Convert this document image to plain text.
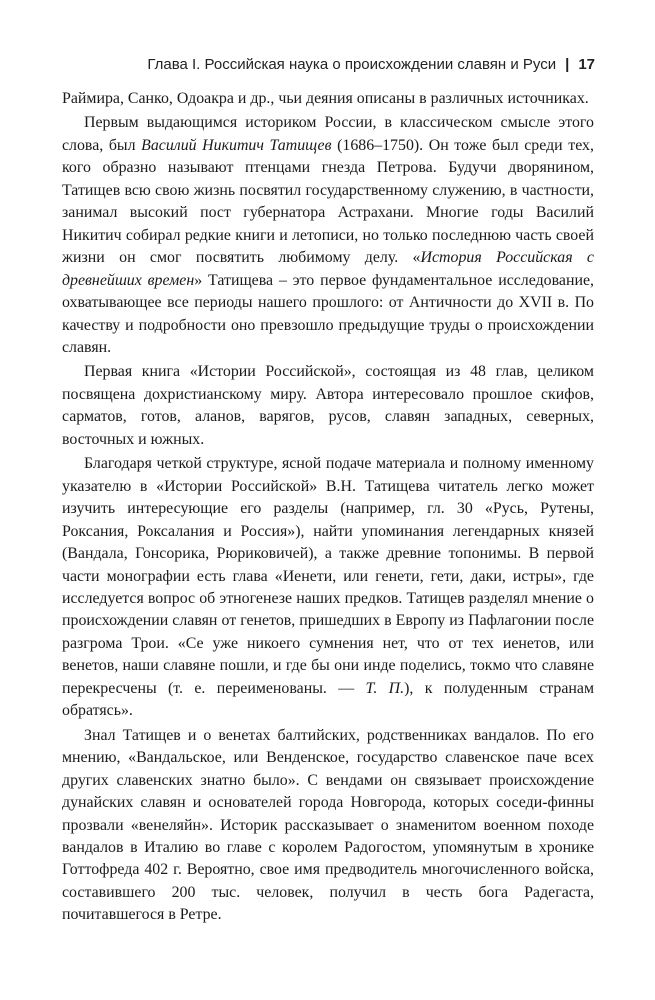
Глава I. Российская наука о происхождении славян и Руси | 17

Раймира, Санко, Одоакра и др., чьи деяния описаны в различных источниках.

Первым выдающимся историком России, в классическом смысле этого слова, был Василий Никитич Татищев (1686–1750). Он тоже был среди тех, кого образно называют птенцами гнезда Петрова. Будучи дворянином, Татищев всю свою жизнь посвятил государственному служению, в частности, занимал высокий пост губернатора Астрахани. Многие годы Василий Никитич собирал редкие книги и летописи, но только последнюю часть своей жизни он смог посвятить любимому делу. «История Российская с древнейших времен» Татищева – это первое фундаментальное исследование, охватывающее все периоды нашего прошлого: от Античности до XVII в. По качеству и подробности оно превзошло предыдущие труды о происхождении славян.

Первая книга «Истории Российской», состоящая из 48 глав, целиком посвящена дохристианскому миру. Автора интересовало прошлое скифов, сарматов, готов, аланов, варягов, русов, славян западных, северных, восточных и южных.

Благодаря четкой структуре, ясной подаче материала и полному именному указателю в «Истории Российской» В.Н. Татищева читатель легко может изучить интересующие его разделы (например, гл. 30 «Русь, Рутены, Роксания, Роксалания и Россия»), найти упоминания легендарных князей (Вандала, Гонсорика, Рюриковичей), а также древние топонимы. В первой части монографии есть глава «Иенети, или генети, гети, даки, истры», где исследуется вопрос об этногенезе наших предков. Татищев разделял мнение о происхождении славян от генетов, пришедших в Европу из Пафлагонии после разгрома Трои. «Се уже никоего сумнения нет, что от тех иенетов, или венетов, наши славяне пошли, и где бы они инде поделись, токмо что славяне перекресчены (т. е. переименованы. — Т. П.), к полуденным странам обратясь».

Знал Татищев и о венетах балтийских, родственниках вандалов. По его мнению, «Вандальское, или Венденское, государство славенское паче всех других славенских знатно было». С вендами он связывает происхождение дунайских славян и основателей города Новгорода, которых соседи-финны прозвали «венеляйн». Историк рассказывает о знаменитом военном походе вандалов в Италию во главе с королем Радогостом, упомянутым в хронике Готтофреда 402 г. Вероятно, свое имя предводитель многочисленного войска, составившего 200 тыс. человек, получил в честь бога Радегаста, почитавшегося в Ретре.
